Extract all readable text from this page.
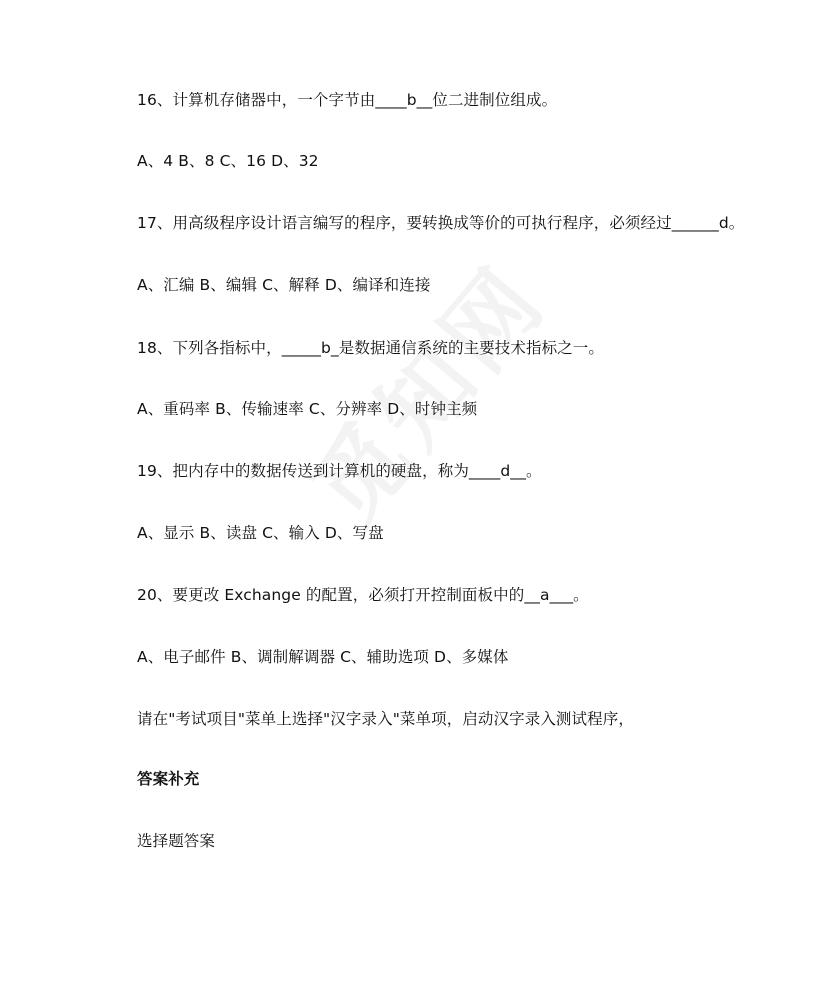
16、计算机存储器中，一个字节由____b__位二进制位组成。
A、4 B、8 C、16 D、32
17、用高级程序设计语言编写的程序，要转换成等价的可执行程序，必须经过______d。
A、汇编 B、编辑 C、解释 D、编译和连接
18、下列各指标中，_____b_是数据通信系统的主要技术指标之一。
A、重码率 B、传输速率 C、分辨率 D、时钟主频
19、把内存中的数据传送到计算机的硬盘，称为____d__。
A、显示 B、读盘 C、输入 D、写盘
20、要更改 Exchange 的配置，必须打开控制面板中的__a___。
A、电子邮件 B、调制解调器 C、辅助选项 D、多媒体
请在"考试项目"菜单上选择"汉字录入"菜单项，启动汉字录入测试程序，
答案补充
选择题答案
